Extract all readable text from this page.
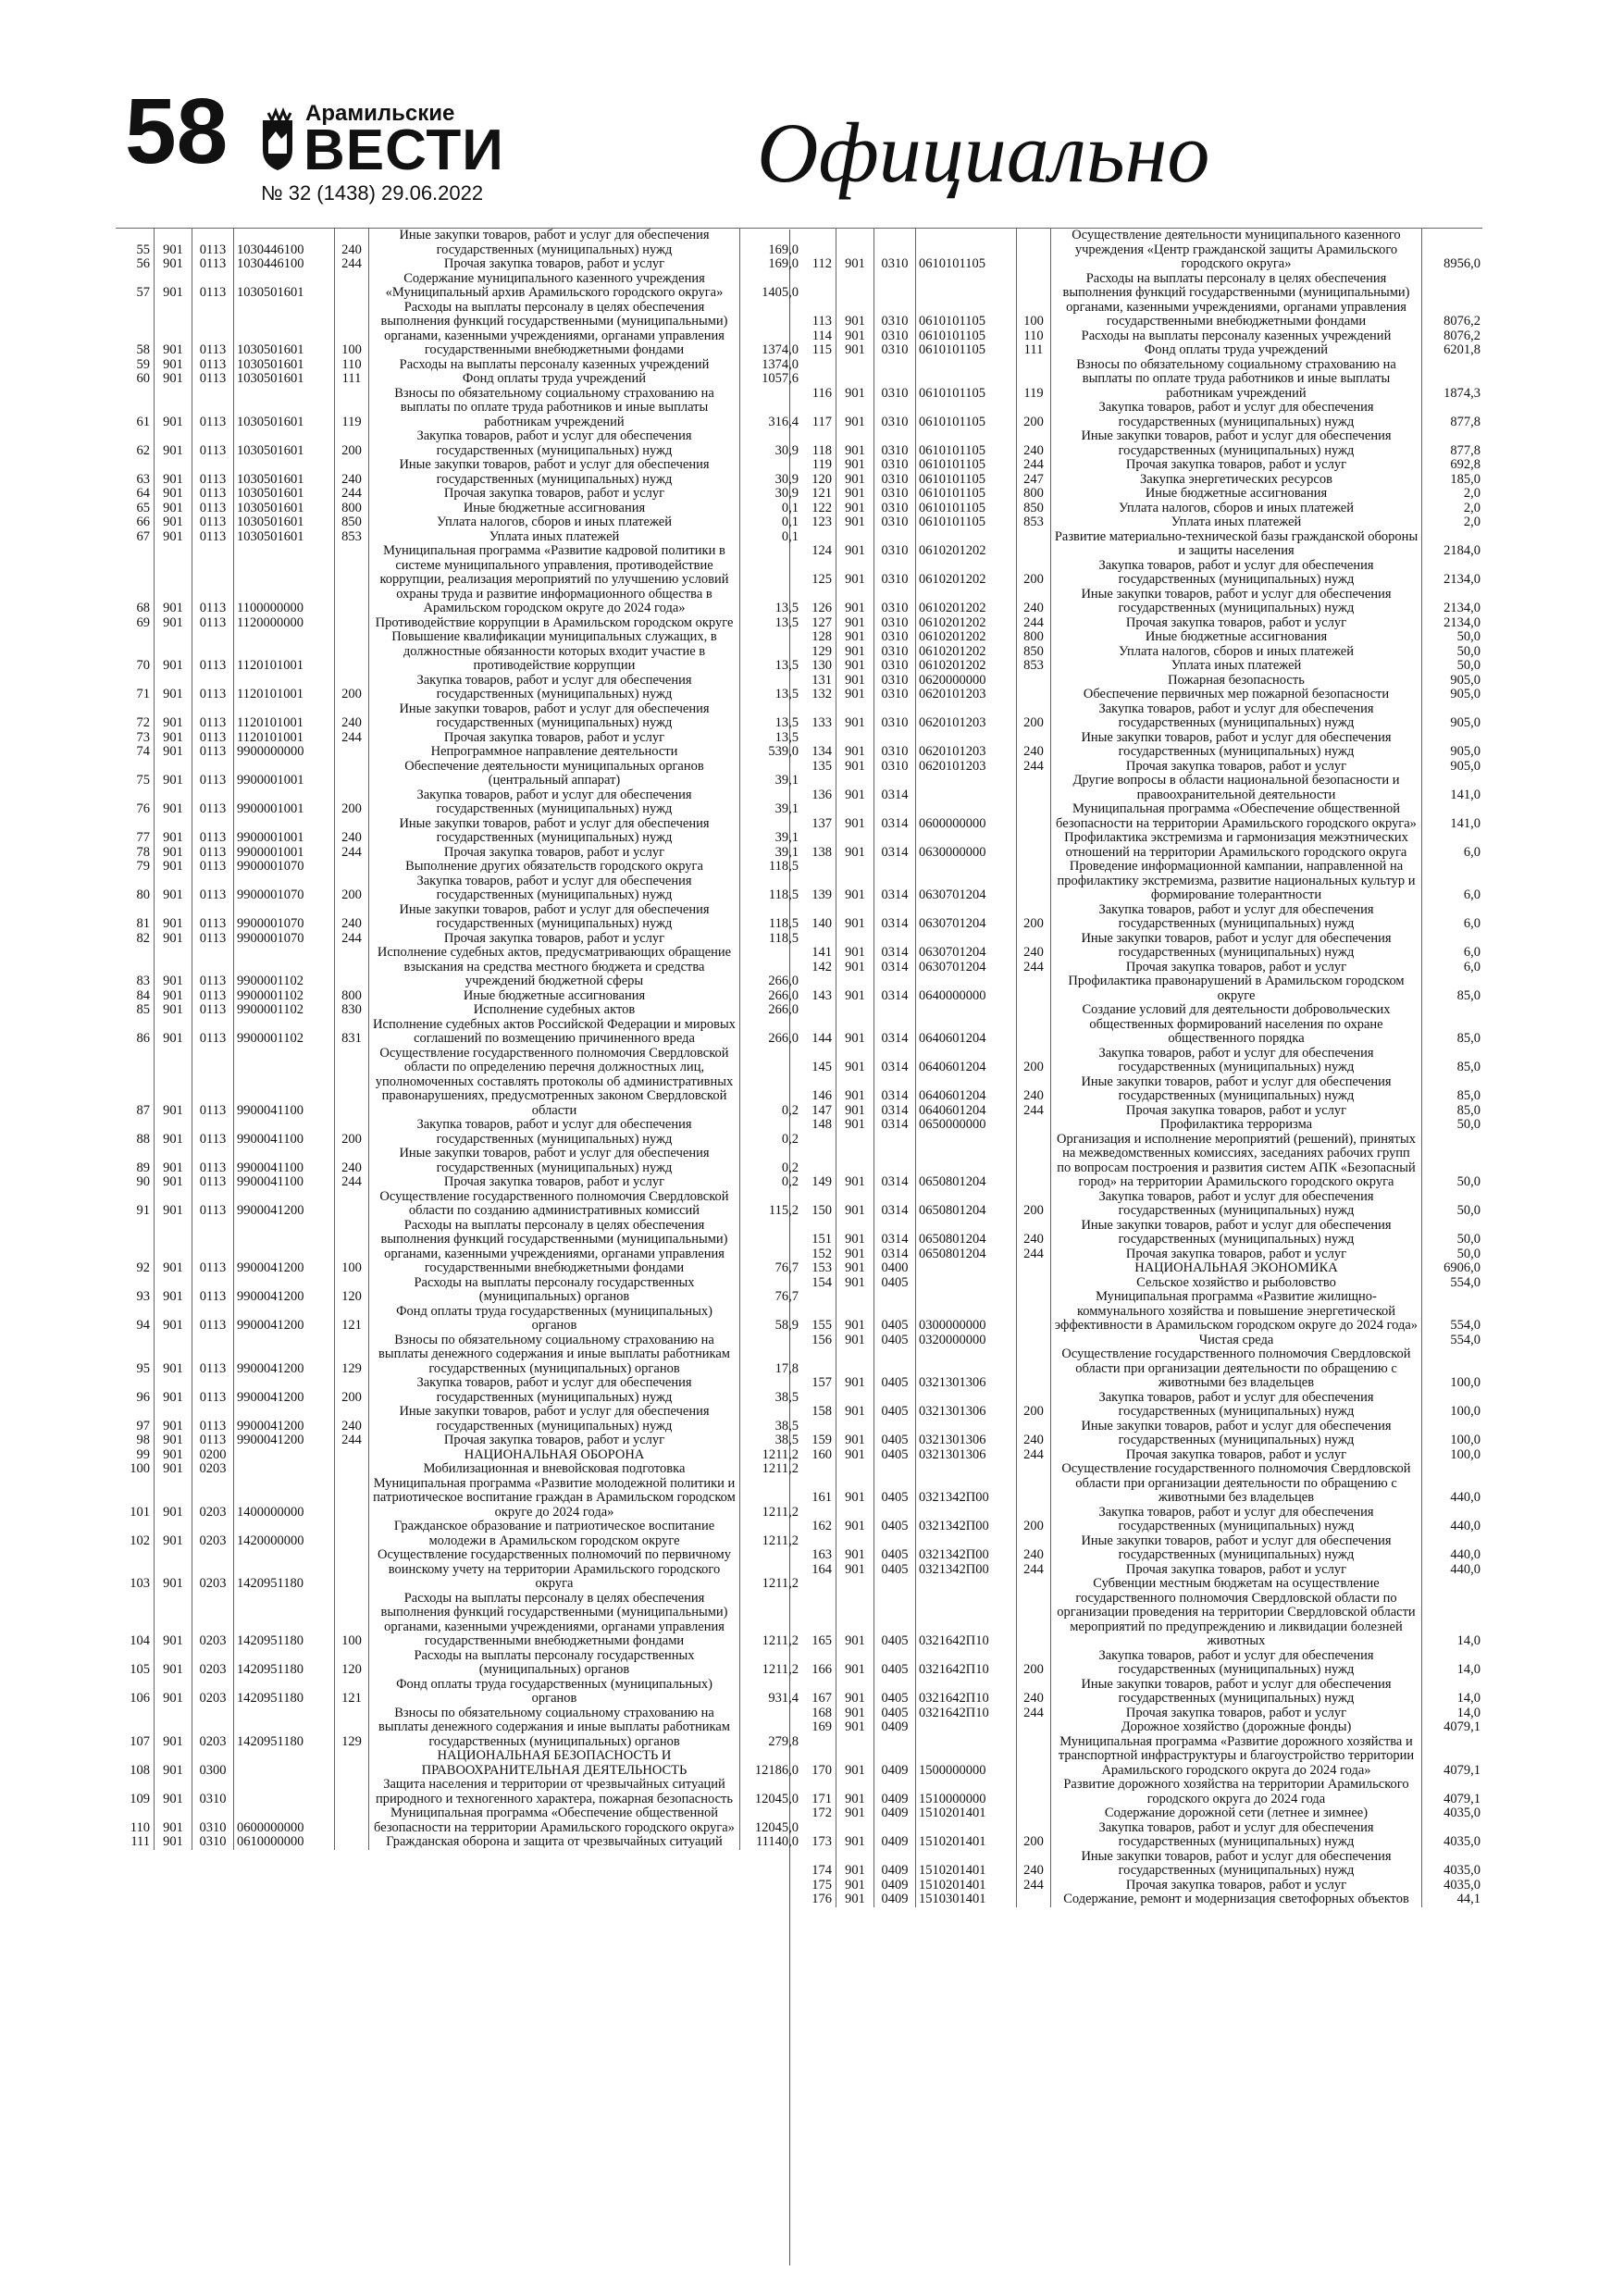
58	Арамильские
ВЕСТИ
№ 32 (1438) 29.06.2022	Официально
55	901	0113	1030446100	240	Иные закупки товаров, работ и услуг для обеспечения государственных (муниципальных) нужд	169,0
56	901	0113	1030446100	244	Прочая закупка товаров, работ и услуг	169,0
57	901	0113	1030501601		Содержание муниципального казенного учреждения «Муниципальный архив Арамильского городского округа»	1405,0
58	901	0113	1030501601	100	Расходы на выплаты персоналу в целях обеспечения выполнения функций государственными (муниципальными) органами, казенными учреждениями, органами управления государственными внебюджетными фондами	1374,0
59	901	0113	1030501601	110	Расходы на выплаты персоналу казенных учреждений	1374,0
60	901	0113	1030501601	111	Фонд оплаты труда учреждений	1057,6
61	901	0113	1030501601	119	Взносы по обязательному социальному страхованию на выплаты по оплате труда работников и иные выплаты работникам учреждений	316,4
62	901	0113	1030501601	200	Закупка товаров, работ и услуг для обеспечения государственных (муниципальных) нужд	30,9
63	901	0113	1030501601	240	Иные закупки товаров, работ и услуг для обеспечения государственных (муниципальных) нужд	30,9
64	901	0113	1030501601	244	Прочая закупка товаров, работ и услуг	30,9
65	901	0113	1030501601	800	Иные бюджетные ассигнования	0,1
66	901	0113	1030501601	850	Уплата налогов, сборов и иных платежей	0,1
67	901	0113	1030501601	853	Уплата иных платежей	0,1
68	901	0113	1100000000		Муниципальная программа «Развитие кадровой политики в системе муниципального управления, противодействие коррупции, реализация мероприятий по улучшению условий охраны труда и развитие информационного общества в Арамильском городском округе до 2024 года»	13,5
69	901	0113	1120000000		Противодействие коррупции в Арамильском городском округе	13,5
70	901	0113	1120101001		Повышение квалификации муниципальных служащих, в должностные обязанности которых входит участие в противодействие коррупции	13,5
71	901	0113	1120101001	200	Закупка товаров, работ и услуг для обеспечения государственных (муниципальных) нужд	13,5
72	901	0113	1120101001	240	Иные закупки товаров, работ и услуг для обеспечения государственных (муниципальных) нужд	13,5
73	901	0113	1120101001	244	Прочая закупка товаров, работ и услуг	13,5
74	901	0113	9900000000		Непрограммное направление деятельности	539,0
75	901	0113	9900001001		Обеспечение деятельности муниципальных органов (центральный аппарат)	39,1
76	901	0113	9900001001	200	Закупка товаров, работ и услуг для обеспечения государственных (муниципальных) нужд	39,1
77	901	0113	9900001001	240	Иные закупки товаров, работ и услуг для обеспечения государственных (муниципальных) нужд	39,1
78	901	0113	9900001001	244	Прочая закупка товаров, работ и услуг	39,1
79	901	0113	9900001070		Выполнение других обязательств городского округа	118,5
80	901	0113	9900001070	200	Закупка товаров, работ и услуг для обеспечения государственных (муниципальных) нужд	118,5
81	901	0113	9900001070	240	Иные закупки товаров, работ и услуг для обеспечения государственных (муниципальных) нужд	118,5
82	901	0113	9900001070	244	Прочая закупка товаров, работ и услуг	118,5
83	901	0113	9900001102		Исполнение судебных актов, предусматривающих обращение взыскания на средства местного бюджета и средства учреждений бюджетной сферы	266,0
84	901	0113	9900001102	800	Иные бюджетные ассигнования	266,0
85	901	0113	9900001102	830	Исполнение судебных актов	266,0
86	901	0113	9900001102	831	Исполнение судебных актов Российской Федерации и мировых соглашений по возмещению причиненного вреда	266,0
87	901	0113	9900041100		Осуществление государственного полномочия Свердловской области по определению перечня должностных лиц, уполномоченных составлять протоколы об административных правонарушениях, предусмотренных законом Свердловской области	0,2
88	901	0113	9900041100	200	Закупка товаров, работ и услуг для обеспечения государственных (муниципальных) нужд	0,2
89	901	0113	9900041100	240	Иные закупки товаров, работ и услуг для обеспечения государственных (муниципальных) нужд	0,2
90	901	0113	9900041100	244	Прочая закупка товаров, работ и услуг	0,2
91	901	0113	9900041200		Осуществление государственного полномочия Свердловской области по созданию административных комиссий	115,2
92	901	0113	9900041200	100	Расходы на выплаты персоналу в целях обеспечения выполнения функций государственными (муниципальными) органами, казенными учреждениями, органами управления государственными внебюджетными фондами	76,7
93	901	0113	9900041200	120	Расходы на выплаты персоналу государственных (муниципальных) органов	76,7
94	901	0113	9900041200	121	Фонд оплаты труда государственных (муниципальных) органов	58,9
95	901	0113	9900041200	129	Взносы по обязательному социальному страхованию на выплаты денежного содержания и иные выплаты работникам государственных (муниципальных) органов	17,8
96	901	0113	9900041200	200	Закупка товаров, работ и услуг для обеспечения государственных (муниципальных) нужд	38,5
97	901	0113	9900041200	240	Иные закупки товаров, работ и услуг для обеспечения государственных (муниципальных) нужд	38,5
98	901	0113	9900041200	244	Прочая закупка товаров, работ и услуг	38,5
99	901	0200			НАЦИОНАЛЬНАЯ ОБОРОНА	1211,2
100	901	0203			Мобилизационная и вневойсковая подготовка	1211,2
101	901	0203	1400000000		Муниципальная программа «Развитие молодежной политики и патриотическое воспитание граждан в Арамильском городском округе до 2024 года»	1211,2
102	901	0203	1420000000		Гражданское образование и патриотическое воспитание молодежи в Арамильском городском округе	1211,2
103	901	0203	1420951180		Осуществление государственных полномочий по первичному воинскому учету на территории Арамильского городского округа	1211,2
104	901	0203	1420951180	100	Расходы на выплаты персоналу в целях обеспечения выполнения функций государственными (муниципальными) органами, казенными учреждениями, органами управления государственными внебюджетными фондами	1211,2
105	901	0203	1420951180	120	Расходы на выплаты персоналу государственных (муниципальных) органов	1211,2
106	901	0203	1420951180	121	Фонд оплаты труда государственных (муниципальных) органов	931,4
107	901	0203	1420951180	129	Взносы по обязательному социальному страхованию на выплаты денежного содержания и иные выплаты работникам государственных (муниципальных) органов	279,8
108	901	0300			НАЦИОНАЛЬНАЯ БЕЗОПАСНОСТЬ И ПРАВООХРАНИТЕЛЬНАЯ ДЕЯТЕЛЬНОСТЬ	12186,0
109	901	0310			Защита населения и территории от чрезвычайных ситуаций природного и техногенного характера, пожарная безопасность	12045,0
110	901	0310	0600000000		Муниципальная программа «Обеспечение общественной безопасности на территории Арамильского городского округа»	12045,0
111	901	0310	0610000000		Гражданская оборона и защита от чрезвычайных ситуаций	11140,0
112	901	0310	0610101105		Осуществление деятельности муниципального казенного учреждения «Центр гражданской защиты Арамильского городского округа»	8956,0
113	901	0310	0610101105	100	Расходы на выплаты персоналу в целях обеспечения выполнения функций государственными (муниципальными) органами, казенными учреждениями, органами управления государственными внебюджетными фондами	8076,2
114	901	0310	0610101105	110	Расходы на выплаты персоналу казенных учреждений	8076,2
115	901	0310	0610101105	111	Фонд оплаты труда учреждений	6201,8
116	901	0310	0610101105	119	Взносы по обязательному социальному страхованию на выплаты по оплате труда работников и иные выплаты работникам учреждений	1874,3
117	901	0310	0610101105	200	Закупка товаров, работ и услуг для обеспечения государственных (муниципальных) нужд	877,8
118	901	0310	0610101105	240	Иные закупки товаров, работ и услуг для обеспечения государственных (муниципальных) нужд	877,8
119	901	0310	0610101105	244	Прочая закупка товаров, работ и услуг	692,8
120	901	0310	0610101105	247	Закупка энергетических ресурсов	185,0
121	901	0310	0610101105	800	Иные бюджетные ассигнования	2,0
122	901	0310	0610101105	850	Уплата налогов, сборов и иных платежей	2,0
123	901	0310	0610101105	853	Уплата иных платежей	2,0
124	901	0310	0610201202		Развитие материально-технической базы гражданской обороны и защиты населения	2184,0
125	901	0310	0610201202	200	Закупка товаров, работ и услуг для обеспечения государственных (муниципальных) нужд	2134,0
126	901	0310	0610201202	240	Иные закупки товаров, работ и услуг для обеспечения государственных (муниципальных) нужд	2134,0
127	901	0310	0610201202	244	Прочая закупка товаров, работ и услуг	2134,0
128	901	0310	0610201202	800	Иные бюджетные ассигнования	50,0
129	901	0310	0610201202	850	Уплата налогов, сборов и иных платежей	50,0
130	901	0310	0610201202	853	Уплата иных платежей	50,0
131	901	0310	0620000000		Пожарная безопасность	905,0
132	901	0310	0620101203		Обеспечение первичных мер пожарной безопасности	905,0
133	901	0310	0620101203	200	Закупка товаров, работ и услуг для обеспечения государственных (муниципальных) нужд	905,0
134	901	0310	0620101203	240	Иные закупки товаров, работ и услуг для обеспечения государственных (муниципальных) нужд	905,0
135	901	0310	0620101203	244	Прочая закупка товаров, работ и услуг	905,0
136	901	0314			Другие вопросы в области национальной безопасности и правоохранительной деятельности	141,0
137	901	0314	0600000000		Муниципальная программа «Обеспечение общественной безопасности на территории Арамильского городского округа»	141,0
138	901	0314	0630000000		Профилактика экстремизма и гармонизация межэтнических отношений на территории Арамильского городского округа	6,0
139	901	0314	0630701204		Проведение информационной кампании, направленной на профилактику экстремизма, развитие национальных культур и формирование толерантности	6,0
140	901	0314	0630701204	200	Закупка товаров, работ и услуг для обеспечения государственных (муниципальных) нужд	6,0
141	901	0314	0630701204	240	Иные закупки товаров, работ и услуг для обеспечения государственных (муниципальных) нужд	6,0
142	901	0314	0630701204	244	Прочая закупка товаров, работ и услуг	6,0
143	901	0314	0640000000		Профилактика правонарушений в Арамильском городском округе	85,0
144	901	0314	0640601204		Создание условий для деятельности добровольческих общественных формирований населения по охране общественного порядка	85,0
145	901	0314	0640601204	200	Закупка товаров, работ и услуг для обеспечения государственных (муниципальных) нужд	85,0
146	901	0314	0640601204	240	Иные закупки товаров, работ и услуг для обеспечения государственных (муниципальных) нужд	85,0
147	901	0314	0640601204	244	Прочая закупка товаров, работ и услуг	85,0
148	901	0314	0650000000		Профилактика терроризма	50,0
149	901	0314	0650801204		Организация и исполнение мероприятий (решений), принятых на межведомственных комиссиях, заседаниях рабочих групп по вопросам построения и развития систем АПК «Безопасный город» на территории Арамильского городского округа	50,0
150	901	0314	0650801204	200	Закупка товаров, работ и услуг для обеспечения государственных (муниципальных) нужд	50,0
151	901	0314	0650801204	240	Иные закупки товаров, работ и услуг для обеспечения государственных (муниципальных) нужд	50,0
152	901	0314	0650801204	244	Прочая закупка товаров, работ и услуг	50,0
153	901	0400			НАЦИОНАЛЬНАЯ ЭКОНОМИКА	6906,0
154	901	0405			Сельское хозяйство и рыболовство	554,0
155	901	0405	0300000000		Муниципальная программа «Развитие жилищно-коммунального хозяйства и повышение энергетической эффективности в Арамильском городском округе до 2024 года»	554,0
156	901	0405	0320000000		Чистая среда	554,0
157	901	0405	0321301306		Осуществление государственного полномочия Свердловской области при организации деятельности по обращению с животными без владельцев	100,0
158	901	0405	0321301306	200	Закупка товаров, работ и услуг для обеспечения государственных (муниципальных) нужд	100,0
159	901	0405	0321301306	240	Иные закупки товаров, работ и услуг для обеспечения государственных (муниципальных) нужд	100,0
160	901	0405	0321301306	244	Прочая закупка товаров, работ и услуг	100,0
161	901	0405	0321342П00		Осуществление государственного полномочия Свердловской области при организации деятельности по обращению с животными без владельцев	440,0
162	901	0405	0321342П00	200	Закупка товаров, работ и услуг для обеспечения государственных (муниципальных) нужд	440,0
163	901	0405	0321342П00	240	Иные закупки товаров, работ и услуг для обеспечения государственных (муниципальных) нужд	440,0
164	901	0405	0321342П00	244	Прочая закупка товаров, работ и услуг	440,0
165	901	0405	0321642П10		Субвенции местным бюджетам на осуществление государственного полномочия Свердловской области по организации проведения на территории Свердловской области мероприятий по предупреждению и ликвидации болезней животных	14,0
166	901	0405	0321642П10	200	Закупка товаров, работ и услуг для обеспечения государственных (муниципальных) нужд	14,0
167	901	0405	0321642П10	240	Иные закупки товаров, работ и услуг для обеспечения государственных (муниципальных) нужд	14,0
168	901	0405	0321642П10	244	Прочая закупка товаров, работ и услуг	14,0
169	901	0409			Дорожное хозяйство (дорожные фонды)	4079,1
170	901	0409	1500000000		Муниципальная программа «Развитие дорожного хозяйства и транспортной инфраструктуры и благоустройство территории Арамильского городского округа до 2024 года»	4079,1
171	901	0409	1510000000		Развитие дорожного хозяйства на территории Арамильского городского округа до 2024 года	4079,1
172	901	0409	1510201401		Содержание дорожной сети (летнее и зимнее)	4035,0
173	901	0409	1510201401	200	Закупка товаров, работ и услуг для обеспечения государственных (муниципальных) нужд	4035,0
174	901	0409	1510201401	240	Иные закупки товаров, работ и услуг для обеспечения государственных (муниципальных) нужд	4035,0
175	901	0409	1510201401	244	Прочая закупка товаров, работ и услуг	4035,0
176	901	0409	1510301401		Содержание, ремонт и модернизация светофорных объектов	44,1
